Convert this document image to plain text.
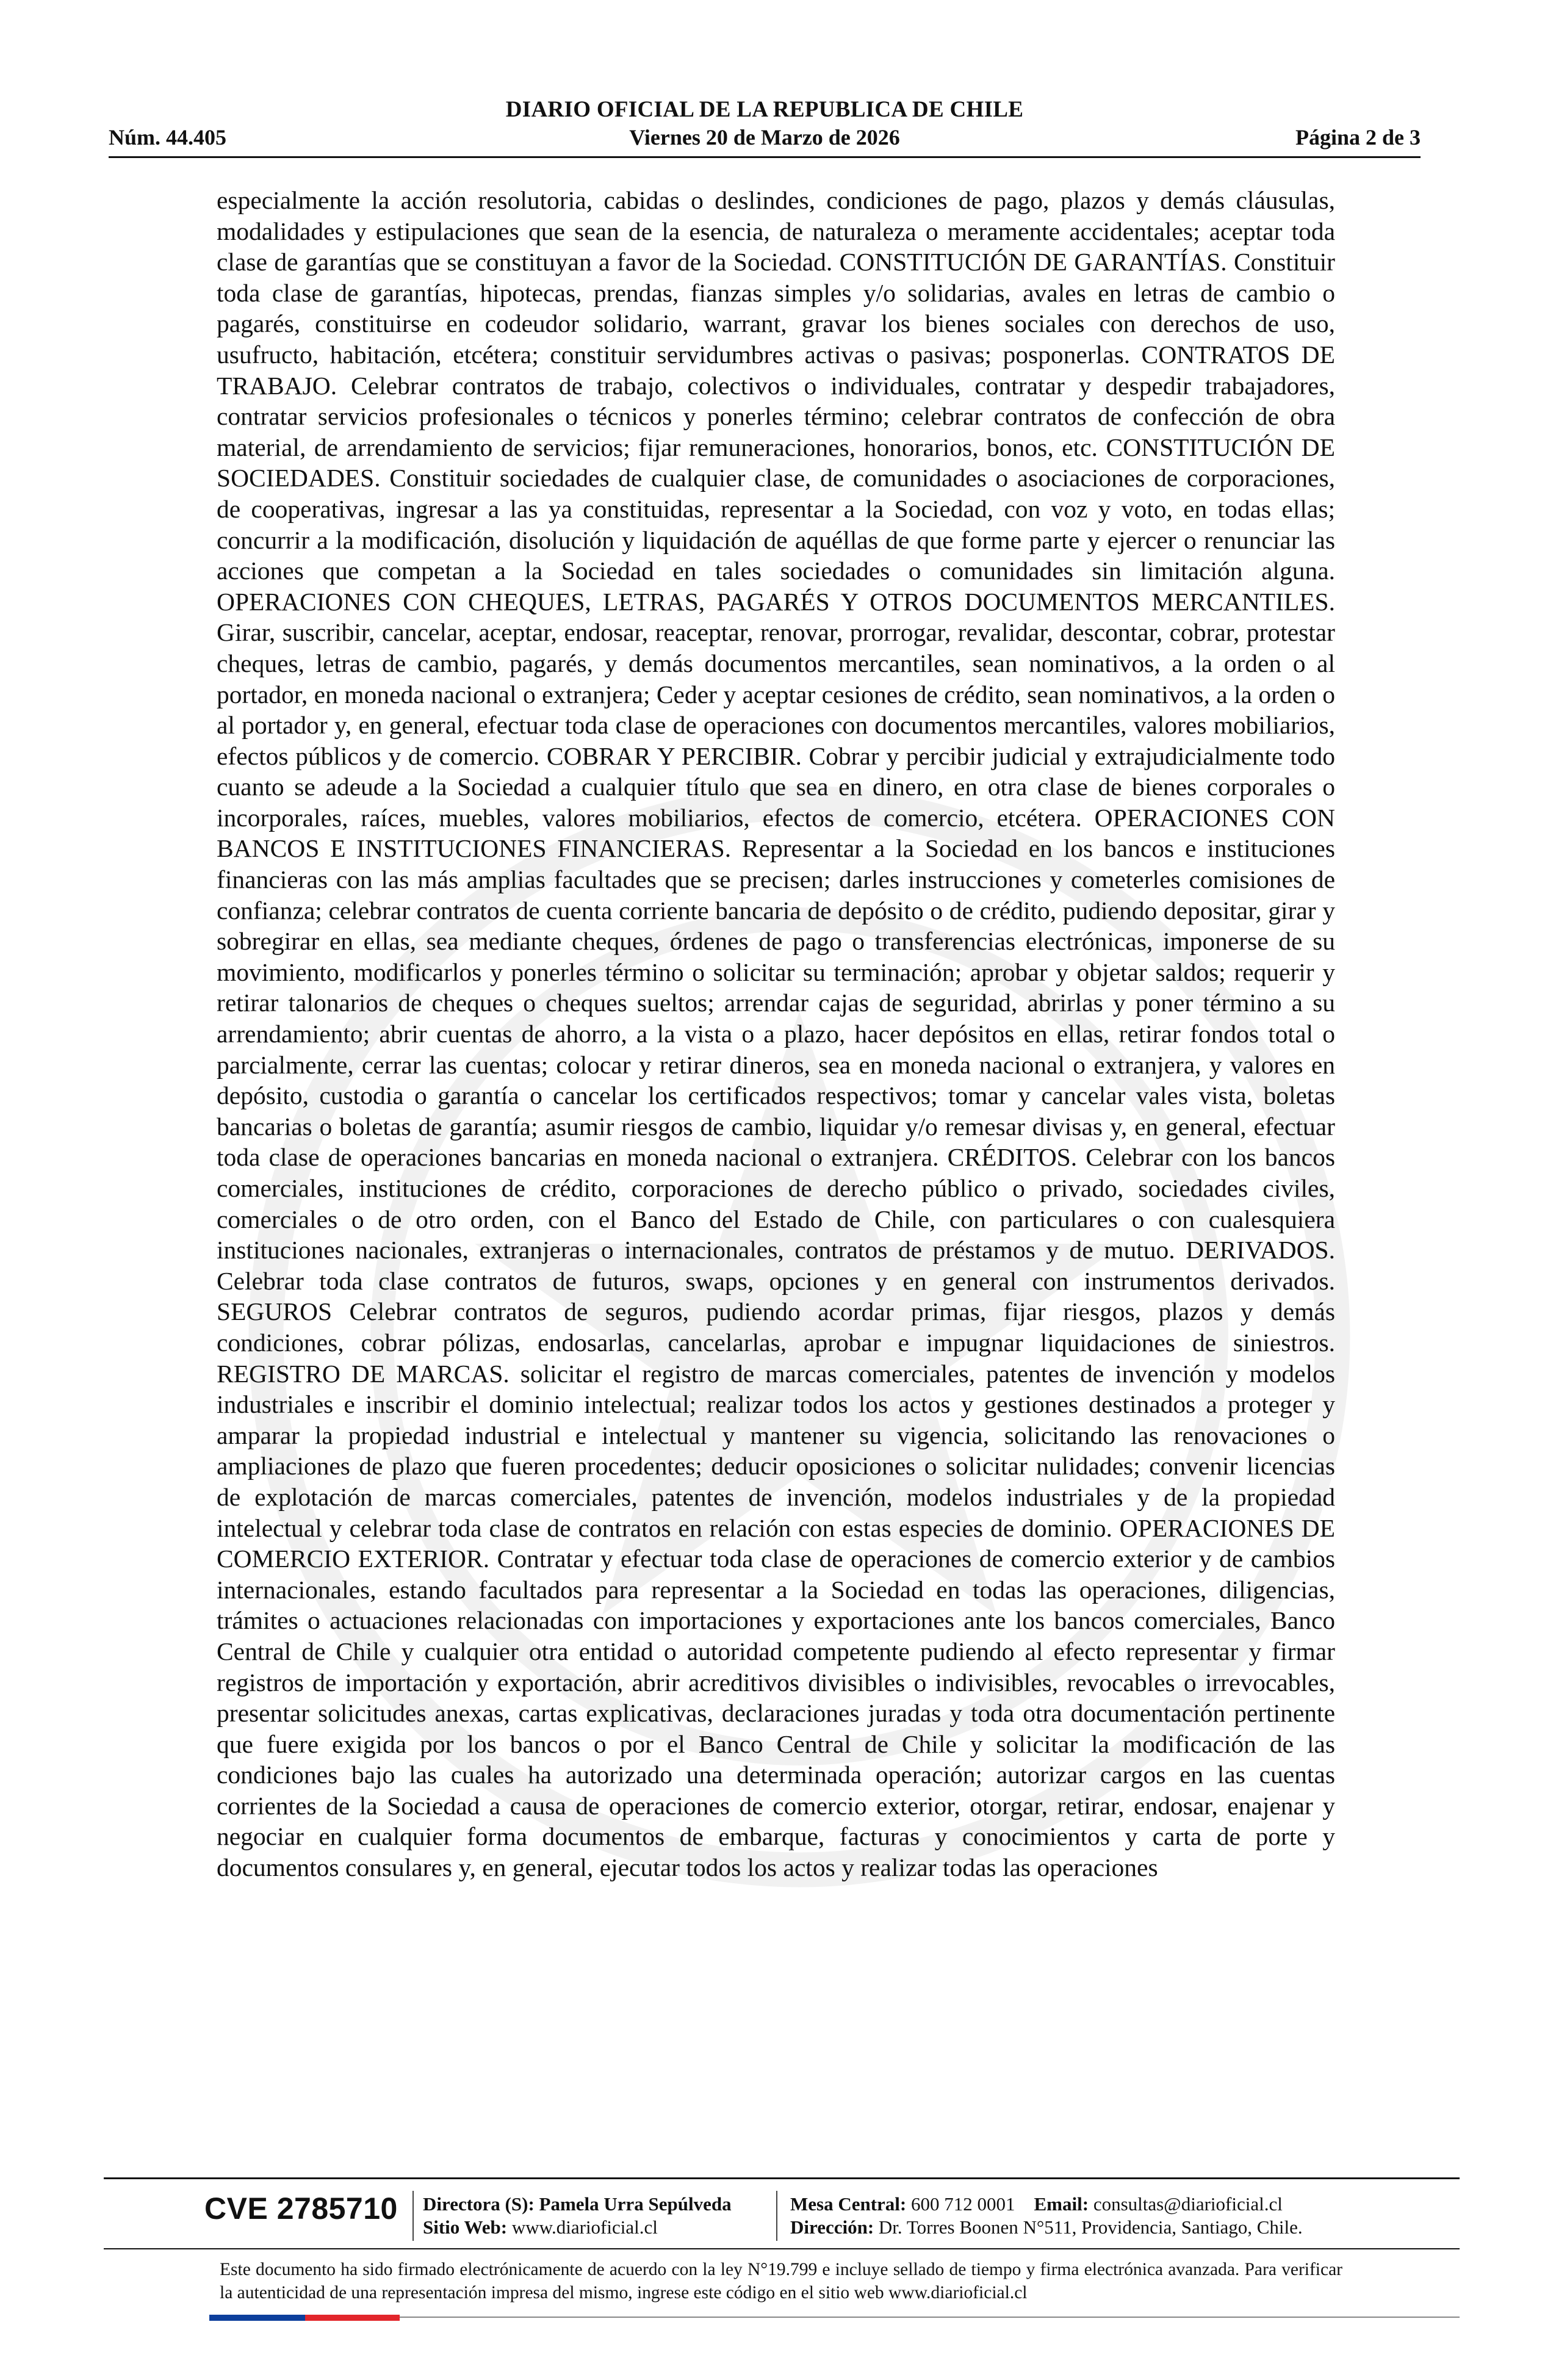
DIARIO OFICIAL DE LA REPUBLICA DE CHILE
Núm. 44.405	Viernes 20 de Marzo de 2026	Página 2 de 3
especialmente la acción resolutoria, cabidas o deslindes, condiciones de pago, plazos y demás cláusulas, modalidades y estipulaciones que sean de la esencia, de naturaleza o meramente accidentales; aceptar toda clase de garantías que se constituyan a favor de la Sociedad. CONSTITUCIÓN DE GARANTÍAS. Constituir toda clase de garantías, hipotecas, prendas, fianzas simples y/o solidarias, avales en letras de cambio o pagarés, constituirse en codeudor solidario, warrant, gravar los bienes sociales con derechos de uso, usufructo, habitación, etcétera; constituir servidumbres activas o pasivas; posponerlas. CONTRATOS DE TRABAJO. Celebrar contratos de trabajo, colectivos o individuales, contratar y despedir trabajadores, contratar servicios profesionales o técnicos y ponerles término; celebrar contratos de confección de obra material, de arrendamiento de servicios; fijar remuneraciones, honorarios, bonos, etc. CONSTITUCIÓN DE SOCIEDADES. Constituir sociedades de cualquier clase, de comunidades o asociaciones de corporaciones, de cooperativas, ingresar a las ya constituidas, representar a la Sociedad, con voz y voto, en todas ellas; concurrir a la modificación, disolución y liquidación de aquéllas de que forme parte y ejercer o renunciar las acciones que competan a la Sociedad en tales sociedades o comunidades sin limitación alguna. OPERACIONES CON CHEQUES, LETRAS, PAGARÉS Y OTROS DOCUMENTOS MERCANTILES. Girar, suscribir, cancelar, aceptar, endosar, reaceptar, renovar, prorrogar, revalidar, descontar, cobrar, protestar cheques, letras de cambio, pagarés, y demás documentos mercantiles, sean nominativos, a la orden o al portador, en moneda nacional o extranjera; Ceder y aceptar cesiones de crédito, sean nominativos, a la orden o al portador y, en general, efectuar toda clase de operaciones con documentos mercantiles, valores mobiliarios, efectos públicos y de comercio. COBRAR Y PERCIBIR. Cobrar y percibir judicial y extrajudicialmente todo cuanto se adeude a la Sociedad a cualquier título que sea en dinero, en otra clase de bienes corporales o incorporales, raíces, muebles, valores mobiliarios, efectos de comercio, etcétera. OPERACIONES CON BANCOS E INSTITUCIONES FINANCIERAS. Representar a la Sociedad en los bancos e instituciones financieras con las más amplias facultades que se precisen; darles instrucciones y cometerles comisiones de confianza; celebrar contratos de cuenta corriente bancaria de depósito o de crédito, pudiendo depositar, girar y sobregirar en ellas, sea mediante cheques, órdenes de pago o transferencias electrónicas, imponerse de su movimiento, modificarlos y ponerles término o solicitar su terminación; aprobar y objetar saldos; requerir y retirar talonarios de cheques o cheques sueltos; arrendar cajas de seguridad, abrirlas y poner término a su arrendamiento; abrir cuentas de ahorro, a la vista o a plazo, hacer depósitos en ellas, retirar fondos total o parcialmente, cerrar las cuentas; colocar y retirar dineros, sea en moneda nacional o extranjera, y valores en depósito, custodia o garantía o cancelar los certificados respectivos; tomar y cancelar vales vista, boletas bancarias o boletas de garantía; asumir riesgos de cambio, liquidar y/o remesar divisas y, en general, efectuar toda clase de operaciones bancarias en moneda nacional o extranjera. CRÉDITOS. Celebrar con los bancos comerciales, instituciones de crédito, corporaciones de derecho público o privado, sociedades civiles, comerciales o de otro orden, con el Banco del Estado de Chile, con particulares o con cualesquiera instituciones nacionales, extranjeras o internacionales, contratos de préstamos y de mutuo. DERIVADOS. Celebrar toda clase contratos de futuros, swaps, opciones y en general con instrumentos derivados. SEGUROS Celebrar contratos de seguros, pudiendo acordar primas, fijar riesgos, plazos y demás condiciones, cobrar pólizas, endosarlas, cancelarlas, aprobar e impugnar liquidaciones de siniestros. REGISTRO DE MARCAS. solicitar el registro de marcas comerciales, patentes de invención y modelos industriales e inscribir el dominio intelectual; realizar todos los actos y gestiones destinados a proteger y amparar la propiedad industrial e intelectual y mantener su vigencia, solicitando las renovaciones o ampliaciones de plazo que fueren procedentes; deducir oposiciones o solicitar nulidades; convenir licencias de explotación de marcas comerciales, patentes de invención, modelos industriales y de la propiedad intelectual y celebrar toda clase de contratos en relación con estas especies de dominio. OPERACIONES DE COMERCIO EXTERIOR. Contratar y efectuar toda clase de operaciones de comercio exterior y de cambios internacionales, estando facultados para representar a la Sociedad en todas las operaciones, diligencias, trámites o actuaciones relacionadas con importaciones y exportaciones ante los bancos comerciales, Banco Central de Chile y cualquier otra entidad o autoridad competente pudiendo al efecto representar y firmar registros de importación y exportación, abrir acreditivos divisibles o indivisibles, revocables o irrevocables, presentar solicitudes anexas, cartas explicativas, declaraciones juradas y toda otra documentación pertinente que fuere exigida por los bancos o por el Banco Central de Chile y solicitar la modificación de las condiciones bajo las cuales ha autorizado una determinada operación; autorizar cargos en las cuentas corrientes de la Sociedad a causa de operaciones de comercio exterior, otorgar, retirar, endosar, enajenar y negociar en cualquier forma documentos de embarque, facturas y conocimientos y carta de porte y documentos consulares y, en general, ejecutar todos los actos y realizar todas las operaciones
CVE 2785710 Directora (S): Pamela Urra Sepúlveda
Sitio Web: www.diarioficial.cl
Mesa Central: 600 712 0001 Email: consultas@diarioficial.cl
Dirección: Dr. Torres Boonen N°511, Providencia, Santiago, Chile.
Este documento ha sido firmado electrónicamente de acuerdo con la ley N°19.799 e incluye sellado de tiempo y firma electrónica avanzada. Para verificar la autenticidad de una representación impresa del mismo, ingrese este código en el sitio web www.diarioficial.cl
